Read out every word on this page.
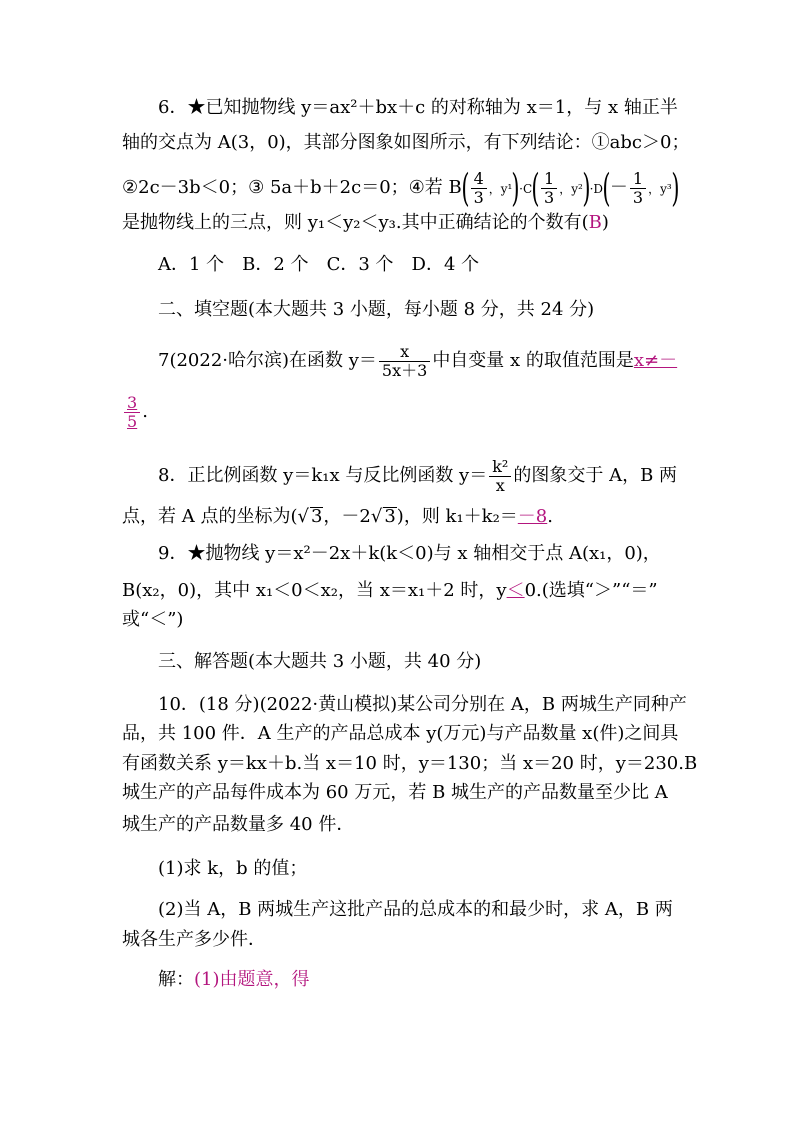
6．★已知抛物线 y＝ax²＋bx＋c 的对称轴为 x＝1，与 x 轴正半
轴的交点为 A(3，0)，其部分图象如图所示，有下列结论：①abc＞0；
②2c－3b＜0；③ 5a＋b＋2c＝0；④若 $B( \frac{4}{3}$ ，$y^1)\cdot C( \frac{1}{3}$ ，$y^2)\cdot D(- \frac{1}{3}$ ，y³)
是抛物线上的三点，则 y₁＜y₂＜y₃.其中正确结论的个数有(B)
A．1 个　B．2 个　C．3 个　D．4 个
二、填空题(本大题共 3 小题，每小题 8 分，共 24 分)
7(2022·哈尔滨)在函数 $y= \frac{x}{5x+3}$ 中自变量 x 的取值范围是x≠－
$\frac{3}{5}$ .
8．正比例函数 y＝k₁x 与反比例函数 $y= \frac{\text{k²}}{x}$ 的图象交于 A，B 两
点，若 A 点的坐标为(√ 3，－2√ 3)，则 k₁＋k₂＝－8.
9．★抛物线 y＝x²－2x＋k(k＜0)与 x 轴相交于点 A(x₁，0)，
B(x₂，0)，其中 x₁＜0＜x₂，当 x＝x₁＋2 时，y＜0.(选填“＞”“＝”
或“＜”)
三、解答题(本大题共 3 小题，共 40 分)
10．(18 分)(2022·黄山模拟)某公司分别在 A，B 两城生产同种产
品，共 100 件．A 生产的产品总成本 y(万元)与产品数量 x(件)之间具
有函数关系 y＝kx＋b.当 x＝10 时，y＝130；当 x＝20 时，y＝230.B
城生产的产品每件成本为 60 万元，若 B 城生产的产品数量至少比 A
城生产的产品数量多 40 件．
(1)求 k，b 的值；
(2)当 A，B 两城生产这批产品的总成本的和最少时，求 A，B 两
城各生产多少件．
解：(1)由题意，得
